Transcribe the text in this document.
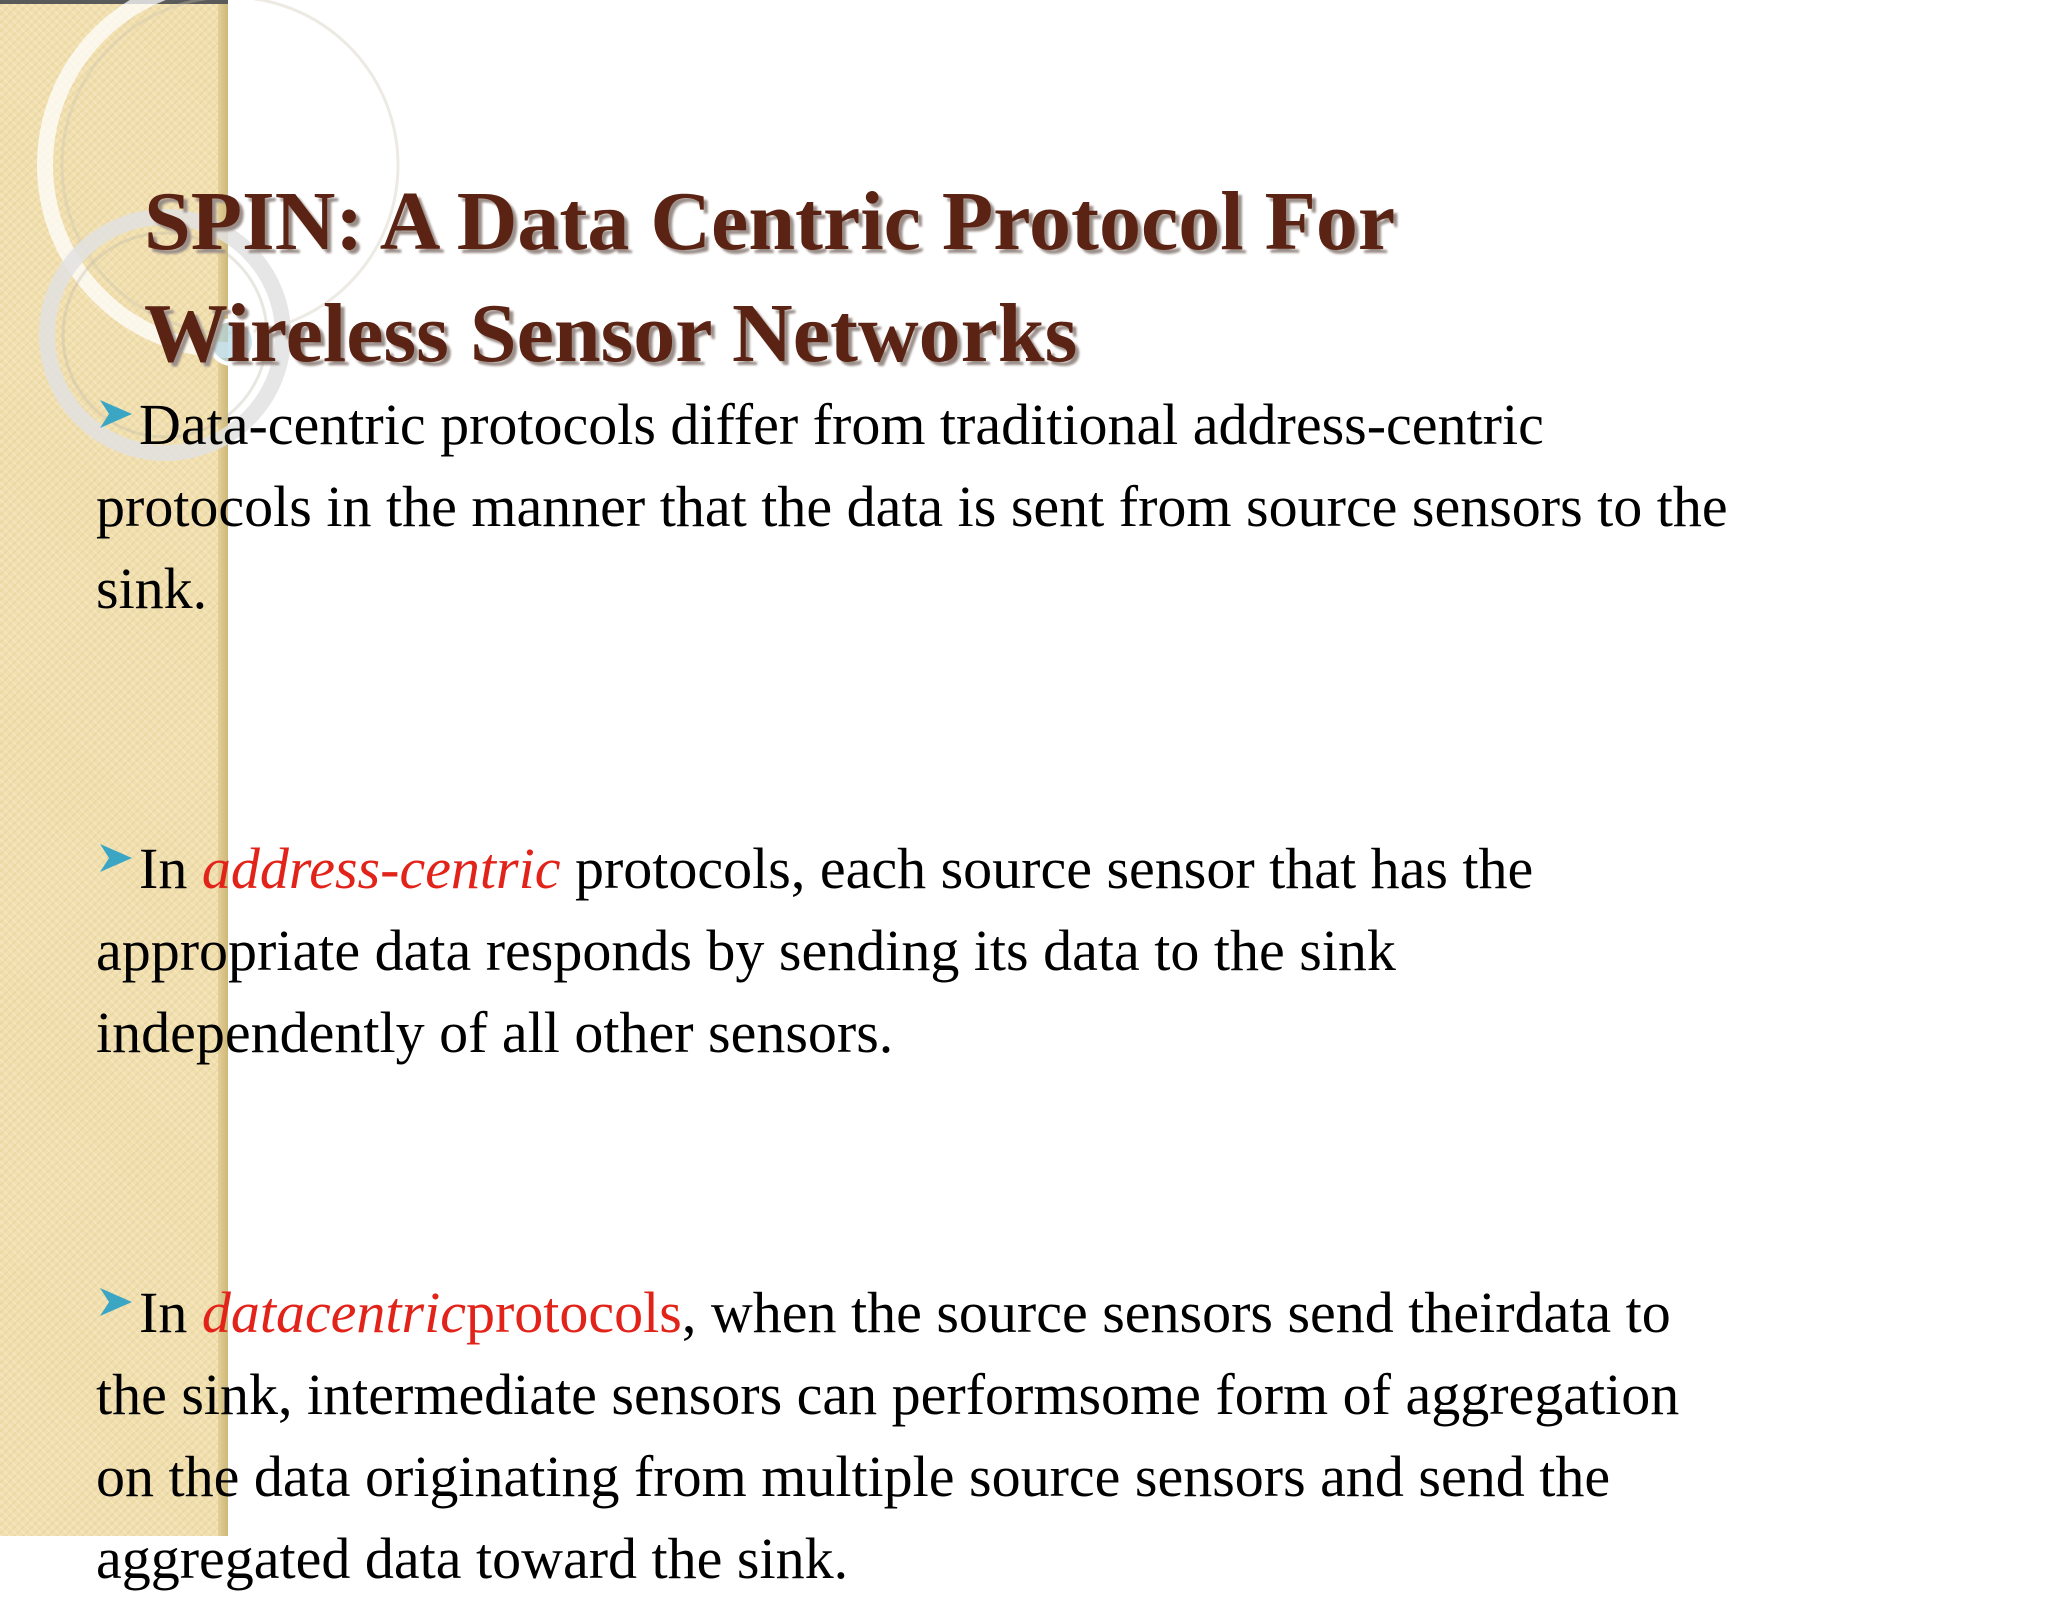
SPIN: A Data Centric Protocol For
Wireless Sensor Networks

Data-centric protocols differ from traditional address-centric
protocols in the manner that the data is sent from source sensors to the
sink.

In address-centric protocols, each source sensor that has the
appropriate data responds by sending its data to the sink
independently of all other sensors.

In datacentricprotocols, when the source sensors send theirdata to
the sink, intermediate sensors can performsome form of aggregation
on the data originating from multiple source sensors and send the
aggregated data toward the sink.
